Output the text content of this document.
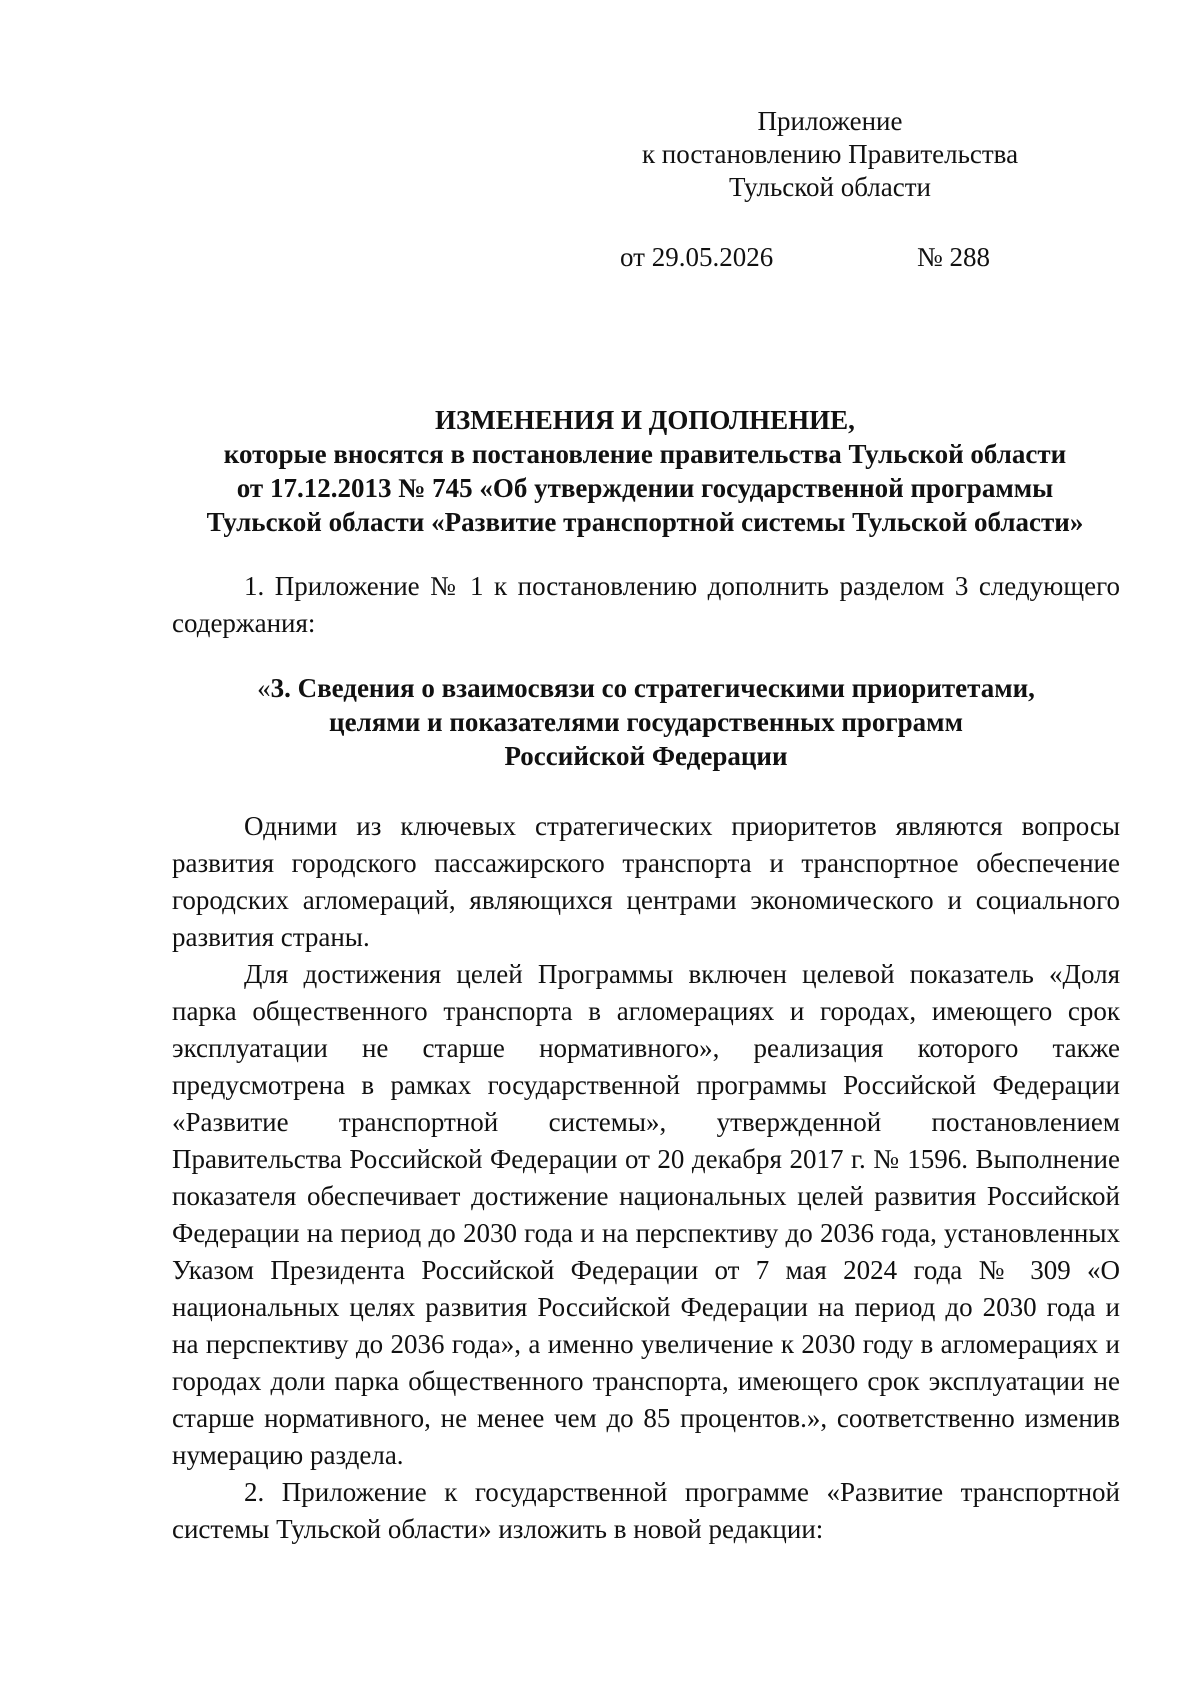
Приложение
к постановлению Правительства
Тульской области
от 29.05.2026	№ 288
ИЗМЕНЕНИЯ И ДОПОЛНЕНИЕ,
которые вносятся в постановление правительства Тульской области
от 17.12.2013 № 745 «Об утверждении государственной программы
Тульской области «Развитие транспортной системы Тульской области»

1. Приложение № 1 к постановлению дополнить разделом 3 следующего содержания:

«3. Сведения о взаимосвязи со стратегическими приоритетами,
целями и показателями государственных программ
Российской Федерации

Одними из ключевых стратегических приоритетов являются вопросы развития городского пассажирского транспорта и транспортное обеспечение городских агломераций, являющихся центрами экономического и социального развития страны.

Для достижения целей Программы включен целевой показатель «Доля парка общественного транспорта в агломерациях и городах, имеющего срок эксплуатации не старше нормативного», реализация которого также предусмотрена в рамках государственной программы Российской Федерации «Развитие транспортной системы», утвержденной постановлением Правительства Российской Федерации от 20 декабря 2017 г. № 1596. Выполнение показателя обеспечивает достижение национальных целей развития Российской Федерации на период до 2030 года и на перспективу до 2036 года, установленных Указом Президента Российской Федерации от 7 мая 2024 года № 309 «О национальных целях развития Российской Федерации на период до 2030 года и на перспективу до 2036 года», а именно увеличение к 2030 году в агломерациях и городах доли парка общественного транспорта, имеющего срок эксплуатации не старше нормативного, не менее чем до 85 процентов.», соответственно изменив нумерацию раздела.

2. Приложение к государственной программе «Развитие транспортной системы Тульской области» изложить в новой редакции:
